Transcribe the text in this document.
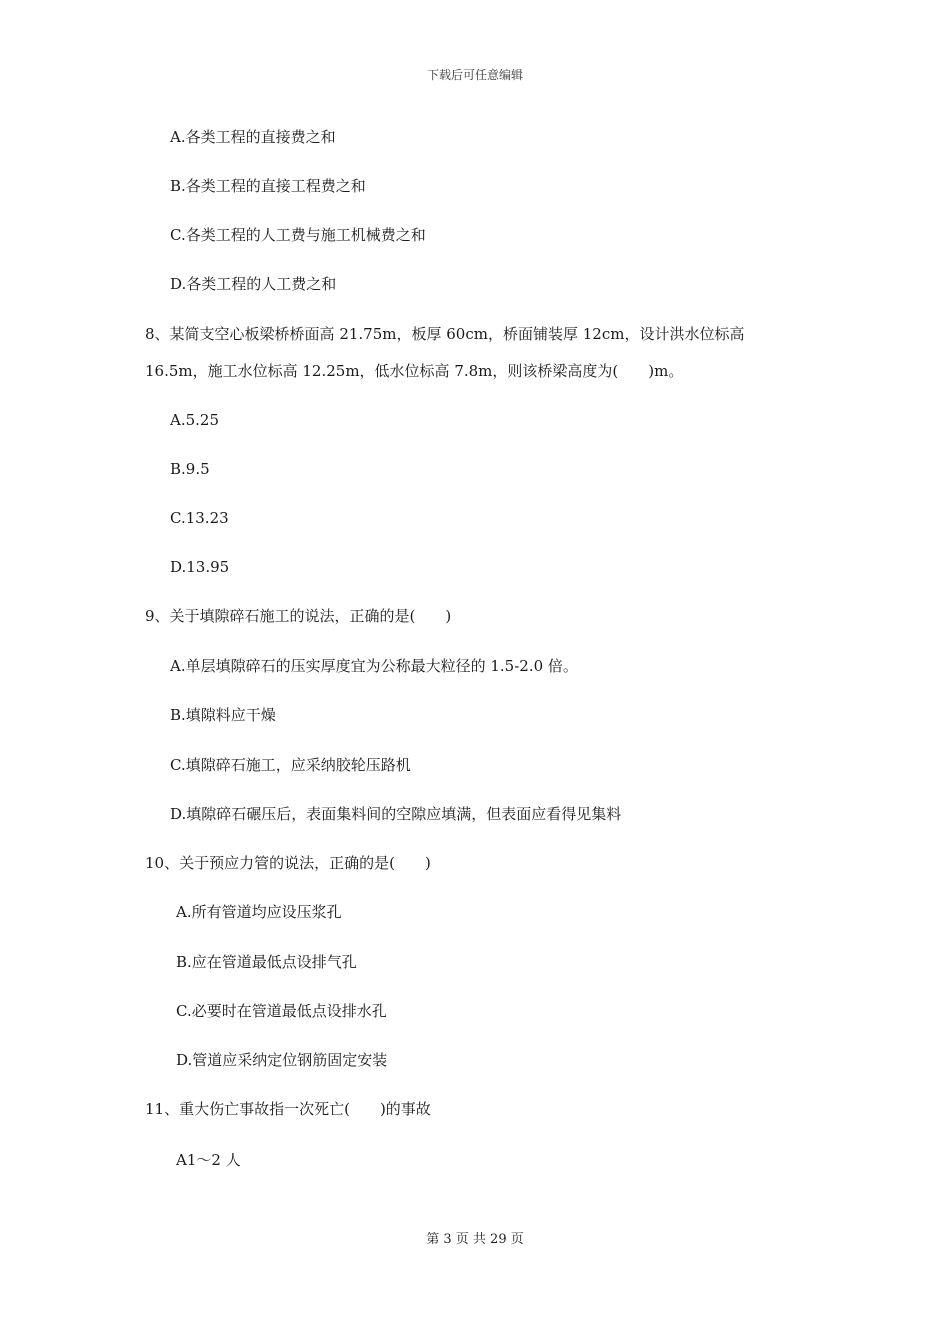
下载后可任意编辑
A.各类工程的直接费之和
B.各类工程的直接工程费之和
C.各类工程的人工费与施工机械费之和
D.各类工程的人工费之和
8、某简支空心板梁桥桥面高 21.75m，板厚 60cm，桥面铺装厚 12cm，设计洪水位标高
16.5m，施工水位标高 12.25m，低水位标高 7.8m，则该桥梁高度为(　　)m。
A.5.25
B.9.5
C.13.23
D.13.95
9、关于填隙碎石施工的说法，正确的是(　　)
A.单层填隙碎石的压实厚度宜为公称最大粒径的 1.5-2.0 倍。
B.填隙料应干燥
C.填隙碎石施工，应采纳胶轮压路机
D.填隙碎石碾压后，表面集料间的空隙应填满，但表面应看得见集料
10、关于预应力管的说法，正确的是(　　)
A.所有管道均应设压浆孔
B.应在管道最低点设排气孔
C.必要时在管道最低点设排水孔
D.管道应采纳定位钢筋固定安装
11、重大伤亡事故指一次死亡(　　)的事故
A1～2 人
第 3 页 共 29 页
